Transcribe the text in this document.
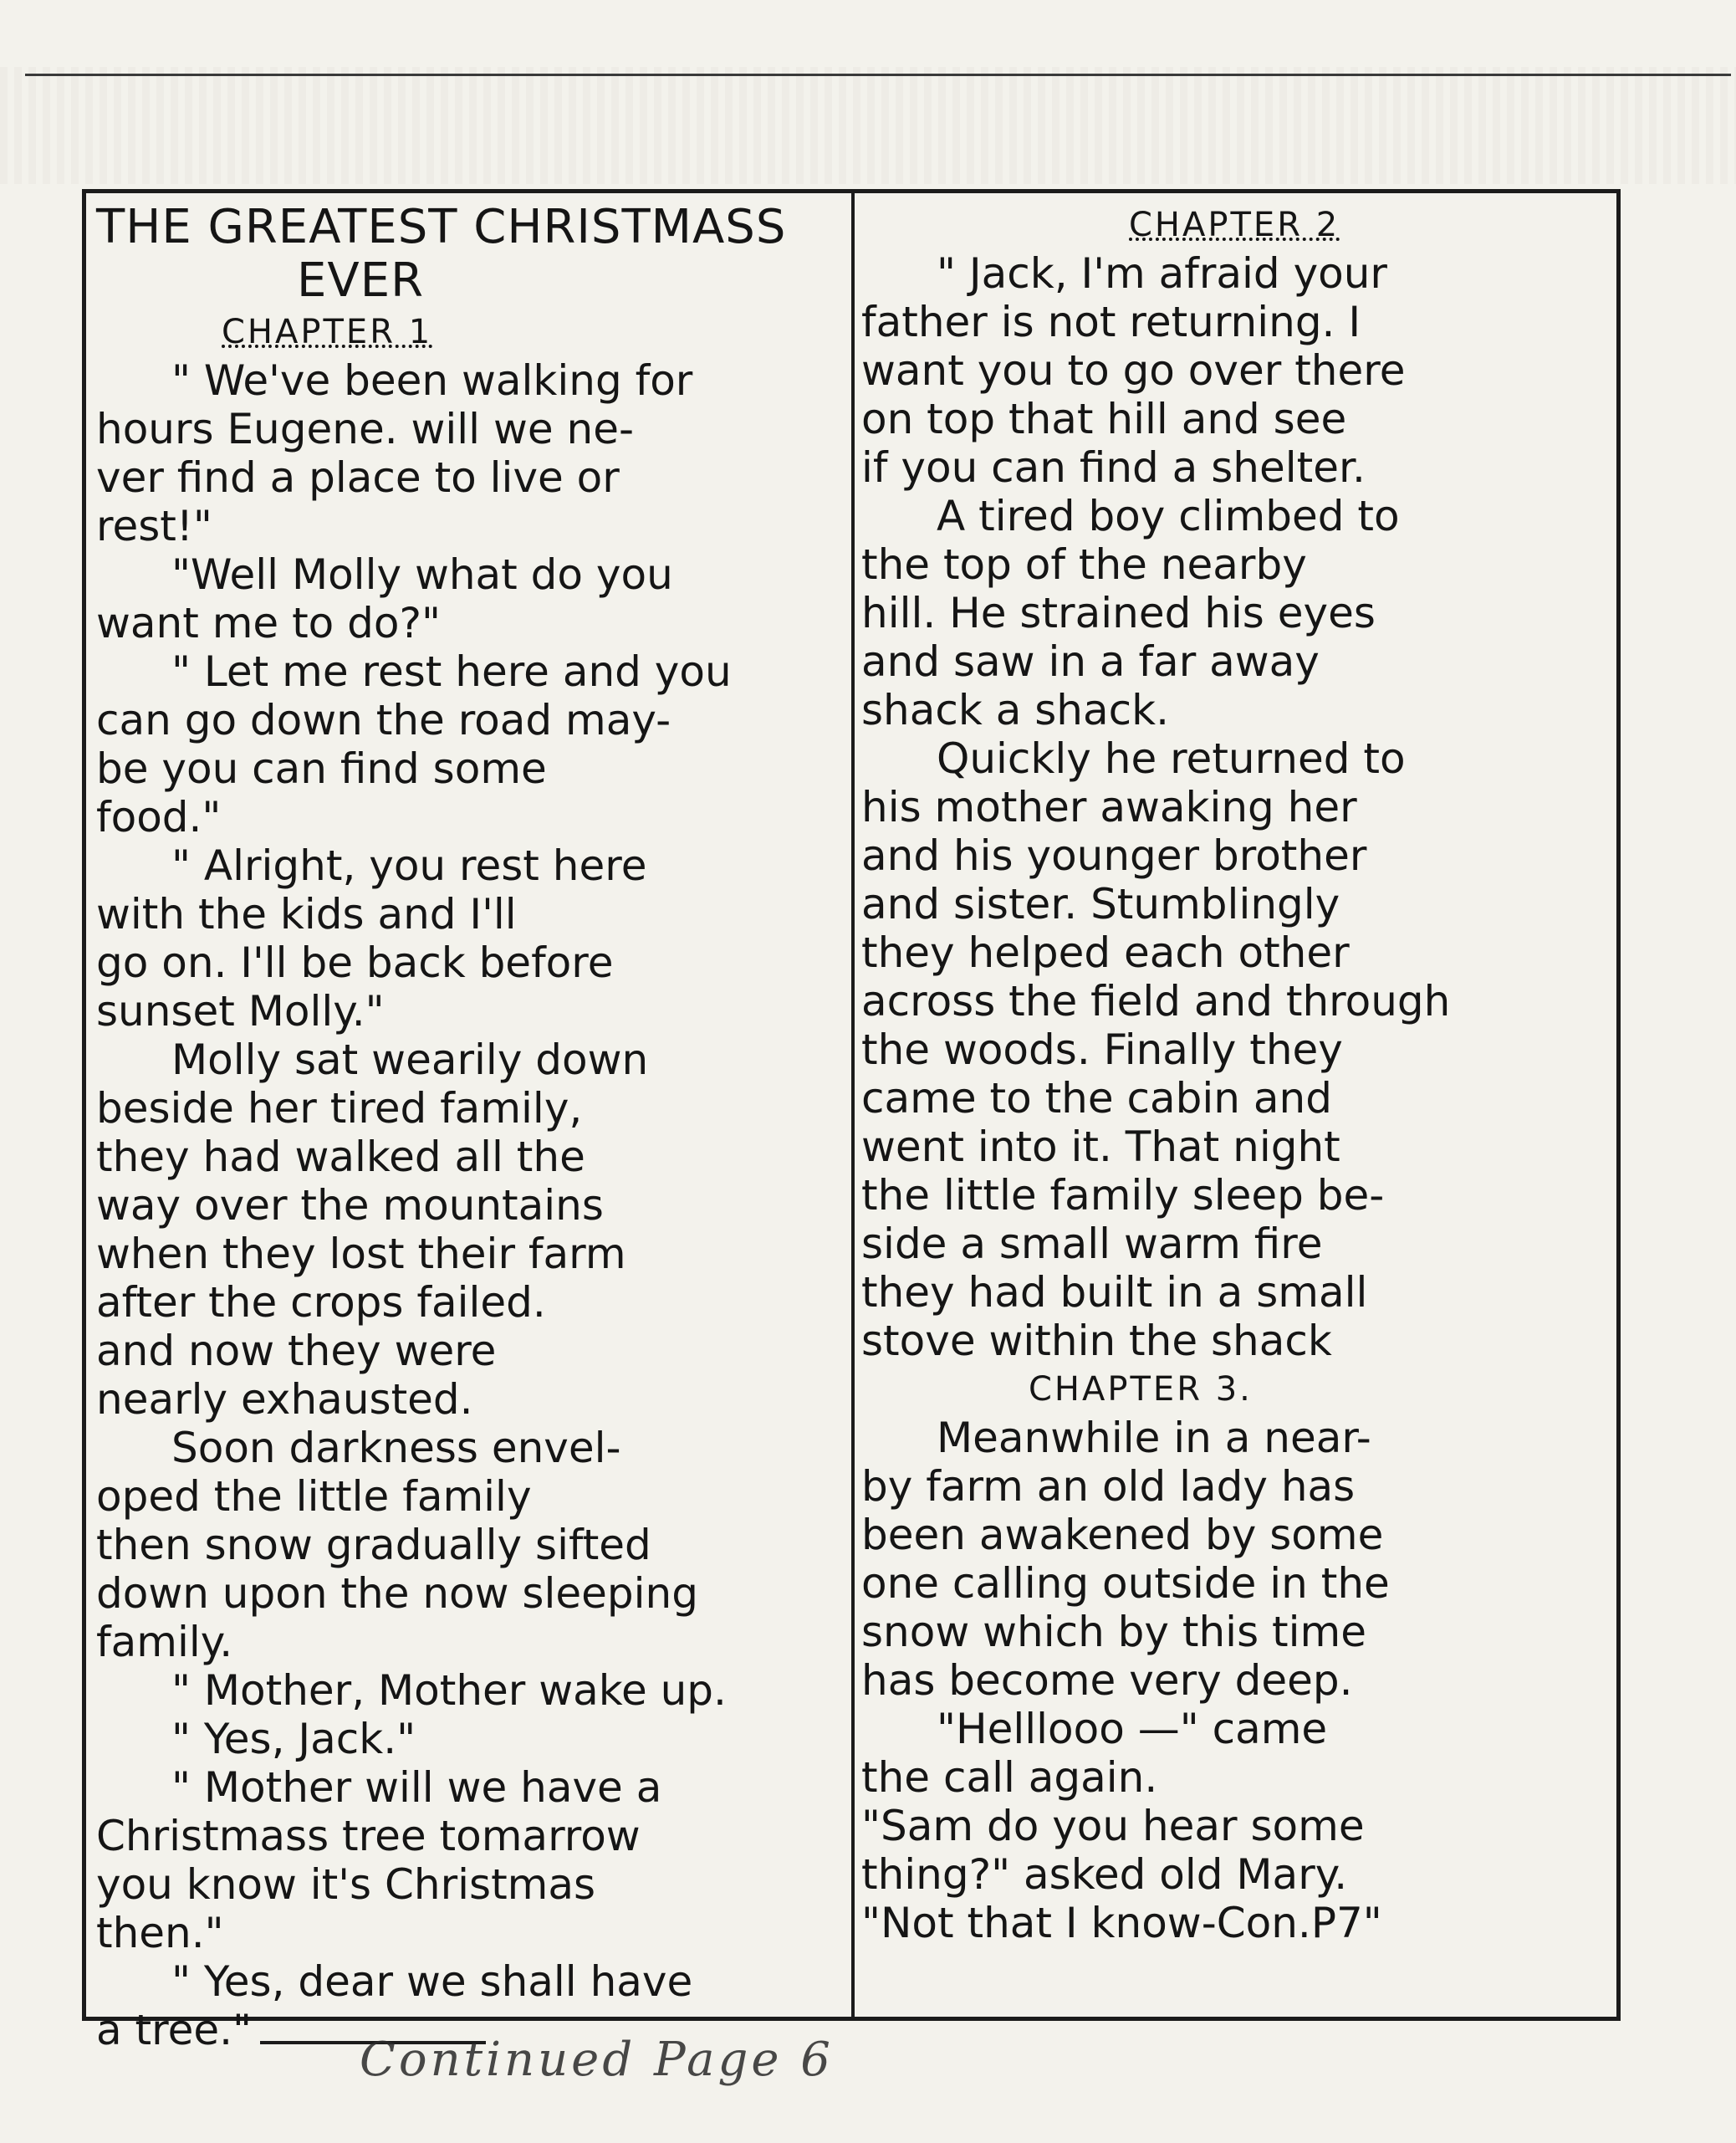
THE GREATEST CHRISTMASS
EVER
CHAPTER 1
" We've been walking for
hours Eugene. will we ne-
ver find a place to live or
rest!"
"Well Molly what do you
want me to do?"
" Let me rest here and you
can go down the road may-
be you can find some
food."
" Alright, you rest here
with the kids and I'll
go on. I'll be back before
sunset Molly."
Molly sat wearily down
beside her tired family,
they had walked all the
way over the mountains
when they lost their farm
after the crops failed.
and now they were
nearly exhausted.
Soon darkness envel-
oped the little family
then snow gradually sifted
down upon the now sleeping
family.
" Mother, Mother wake up.
" Yes, Jack."
" Mother will we have a
Christmass tree tomarrow
you know it's Christmas
then."
" Yes, dear we shall have
a tree."
CHAPTER 2
" Jack, I'm afraid your
father is not returning. I
want you to go over there
on top that hill and see
if you can find a shelter.
A tired boy climbed to
the top of the nearby
hill. He strained his eyes
and saw in a far away
shack a shack.
Quickly he returned to
his mother awaking her
and his younger brother
and sister. Stumblingly
they helped each other
across the field and through
the woods. Finally they
came to the cabin and
went into it. That night
the little family sleep be-
side a small warm fire
they had built in a small
stove within the shack
CHAPTER 3.
Meanwhile in a near-
by farm an old lady has
been awakened by some
one calling outside in the
snow which by this time
has become very deep.
"Helllooo —" came
the call again.
"Sam do you hear some
thing?" asked old Mary.
"Not that I know-Con.P7"
Continued Page 6
